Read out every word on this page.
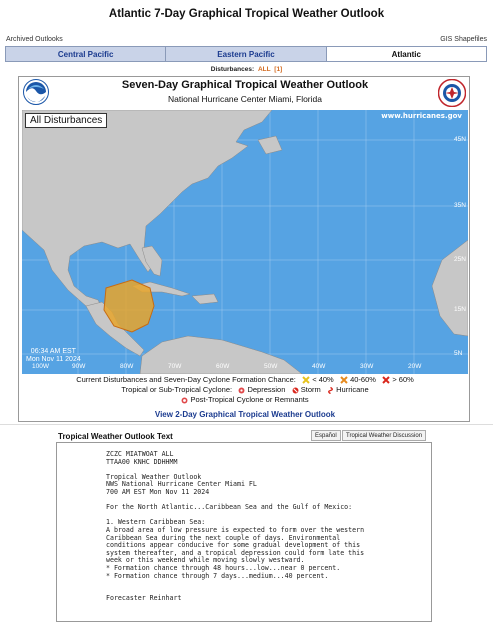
Atlantic 7-Day Graphical Tropical Weather Outlook
Archived Outlooks	GIS Shapefiles
Central Pacific	Eastern Pacific	Atlantic
Disturbances: ALL [1]
Seven-Day Graphical Tropical Weather Outlook
National Hurricane Center Miami, Florida
www.hurricanes.gov
All Disturbances
45N
35N
25N
15N
5N
100W	90W	80W	70W	60W	50W	40W	30W	20W
06:34 AM EST
Mon Nov 11 2024
Current Disturbances and Seven-Day Cyclone Formation Chance: < 40% 40-60% > 60%
Tropical or Sub-Tropical Cyclone: Depression Storm Hurricane
Post-Tropical Cyclone or Remnants
View 2-Day Graphical Tropical Weather Outlook
Tropical Weather Outlook Text	Español	Tropical Weather Discussion
ZCZC MIATWOAT ALL
TTAA00 KNHC DDHHMM

Tropical Weather Outlook
NWS National Hurricane Center Miami FL
700 AM EST Mon Nov 11 2024

For the North Atlantic...Caribbean Sea and the Gulf of Mexico:

1. Western Caribbean Sea:
A broad area of low pressure is expected to form over the western
Caribbean Sea during the next couple of days. Environmental
conditions appear conducive for some gradual development of this
system thereafter, and a tropical depression could form late this
week or this weekend while moving slowly westward.
* Formation chance through 48 hours...low...near 0 percent.
* Formation chance through 7 days...medium...40 percent.

Forecaster Reinhart
